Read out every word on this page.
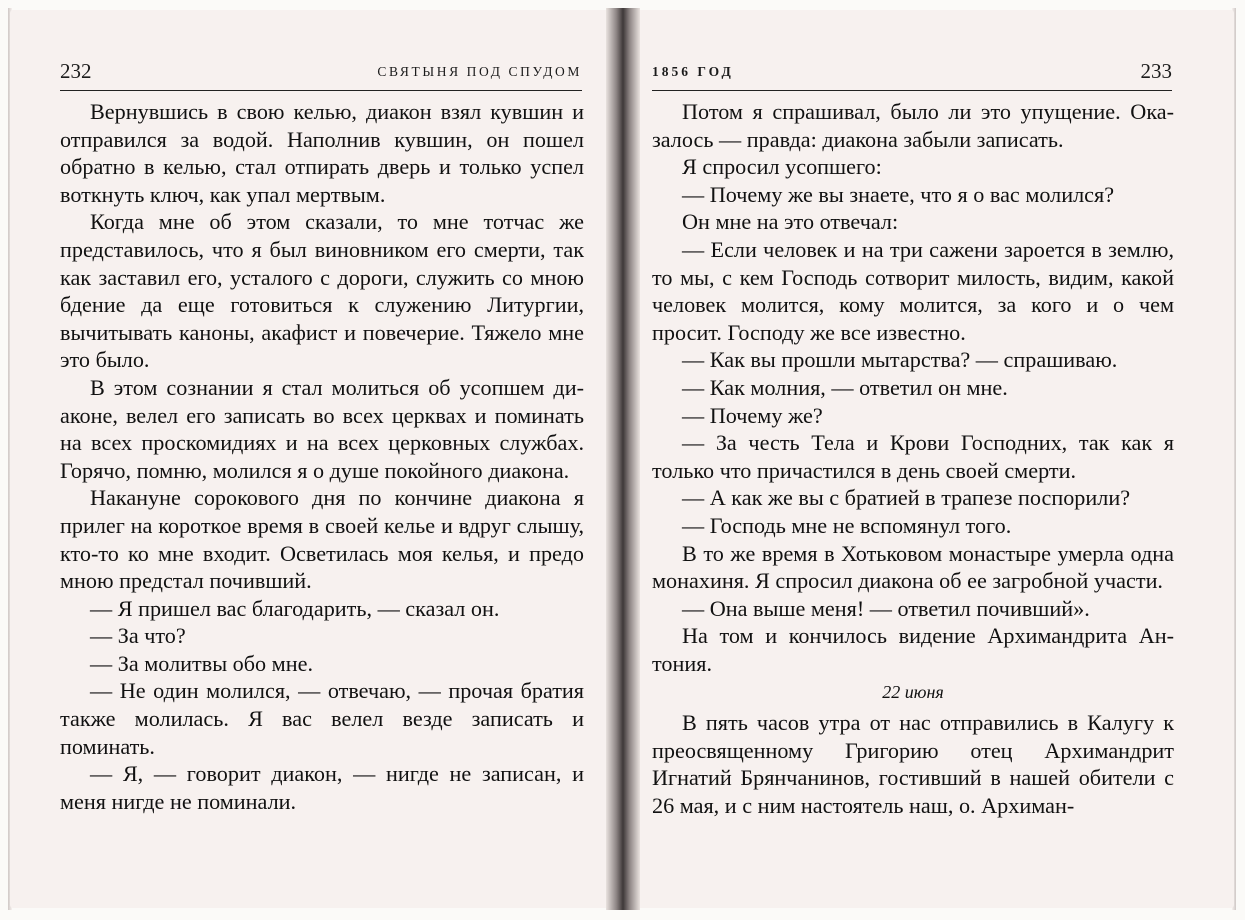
232	СВЯТЫНЯ ПОД СПУДОМ

Вернувшись в свою келью, диакон взял кувшин и отправился за водой. Наполнив кувшин, он пошел обратно в келью, стал отпирать дверь и только успел воткнуть ключ, как упал мертвым.

Когда мне об этом сказали, то мне тотчас же представилось, что я был виновником его смерти, так как заставил его, усталого с дороги, служить со мною бдение да еще готовиться к служению Литургии, вычитывать каноны, акафист и повечерие. Тяжело мне это было.

В этом сознании я стал молиться об усопшем диаконе, велел его записать во всех церквах и поминать на всех проскомидиях и на всех церковных службах. Горячо, помню, молился я о душе покойного диакона.

Накануне сорокового дня по кончине диакона я прилег на короткое время в своей келье и вдруг слышу, кто-то ко мне входит. Осветилась моя келья, и предо мною предстал почивший.

— Я пришел вас благодарить, — сказал он.

— За что?

— За молитвы обо мне.

— Не один молился, — отвечаю, — прочая братия также молилась. Я вас велел везде записать и поминать.

— Я, — говорит диакон, — нигде не записан, и меня нигде не поминали.

1856 ГОД	233

Потом я спрашивал, было ли это упущение. Оказалось — правда: диакона забыли записать.

Я спросил усопшего:

— Почему же вы знаете, что я о вас молился?

Он мне на это отвечал:

— Если человек и на три сажени зароется в землю, то мы, с кем Господь сотворит милость, видим, какой человек молится, кому молится, за кого и о чем просит. Господу же все известно.

— Как вы прошли мытарства? — спрашиваю.

— Как молния, — ответил он мне.

— Почему же?

— За честь Тела и Крови Господних, так как я только что причастился в день своей смерти.

— А как же вы с братией в трапезе поспорили?

— Господь мне не вспомянул того.

В то же время в Хотьковом монастыре умерла одна монахиня. Я спросил диакона об ее загробной участи.

— Она выше меня! — ответил почивший».

На том и кончилось видение Архимандрита Антония.

22 июня

В пять часов утра от нас отправились в Калугу к преосвященному Григорию отец Архимандрит Игнатий Брянчанинов, гостивший в нашей обители с 26 мая, и с ним настоятель наш, о. Архиман-
